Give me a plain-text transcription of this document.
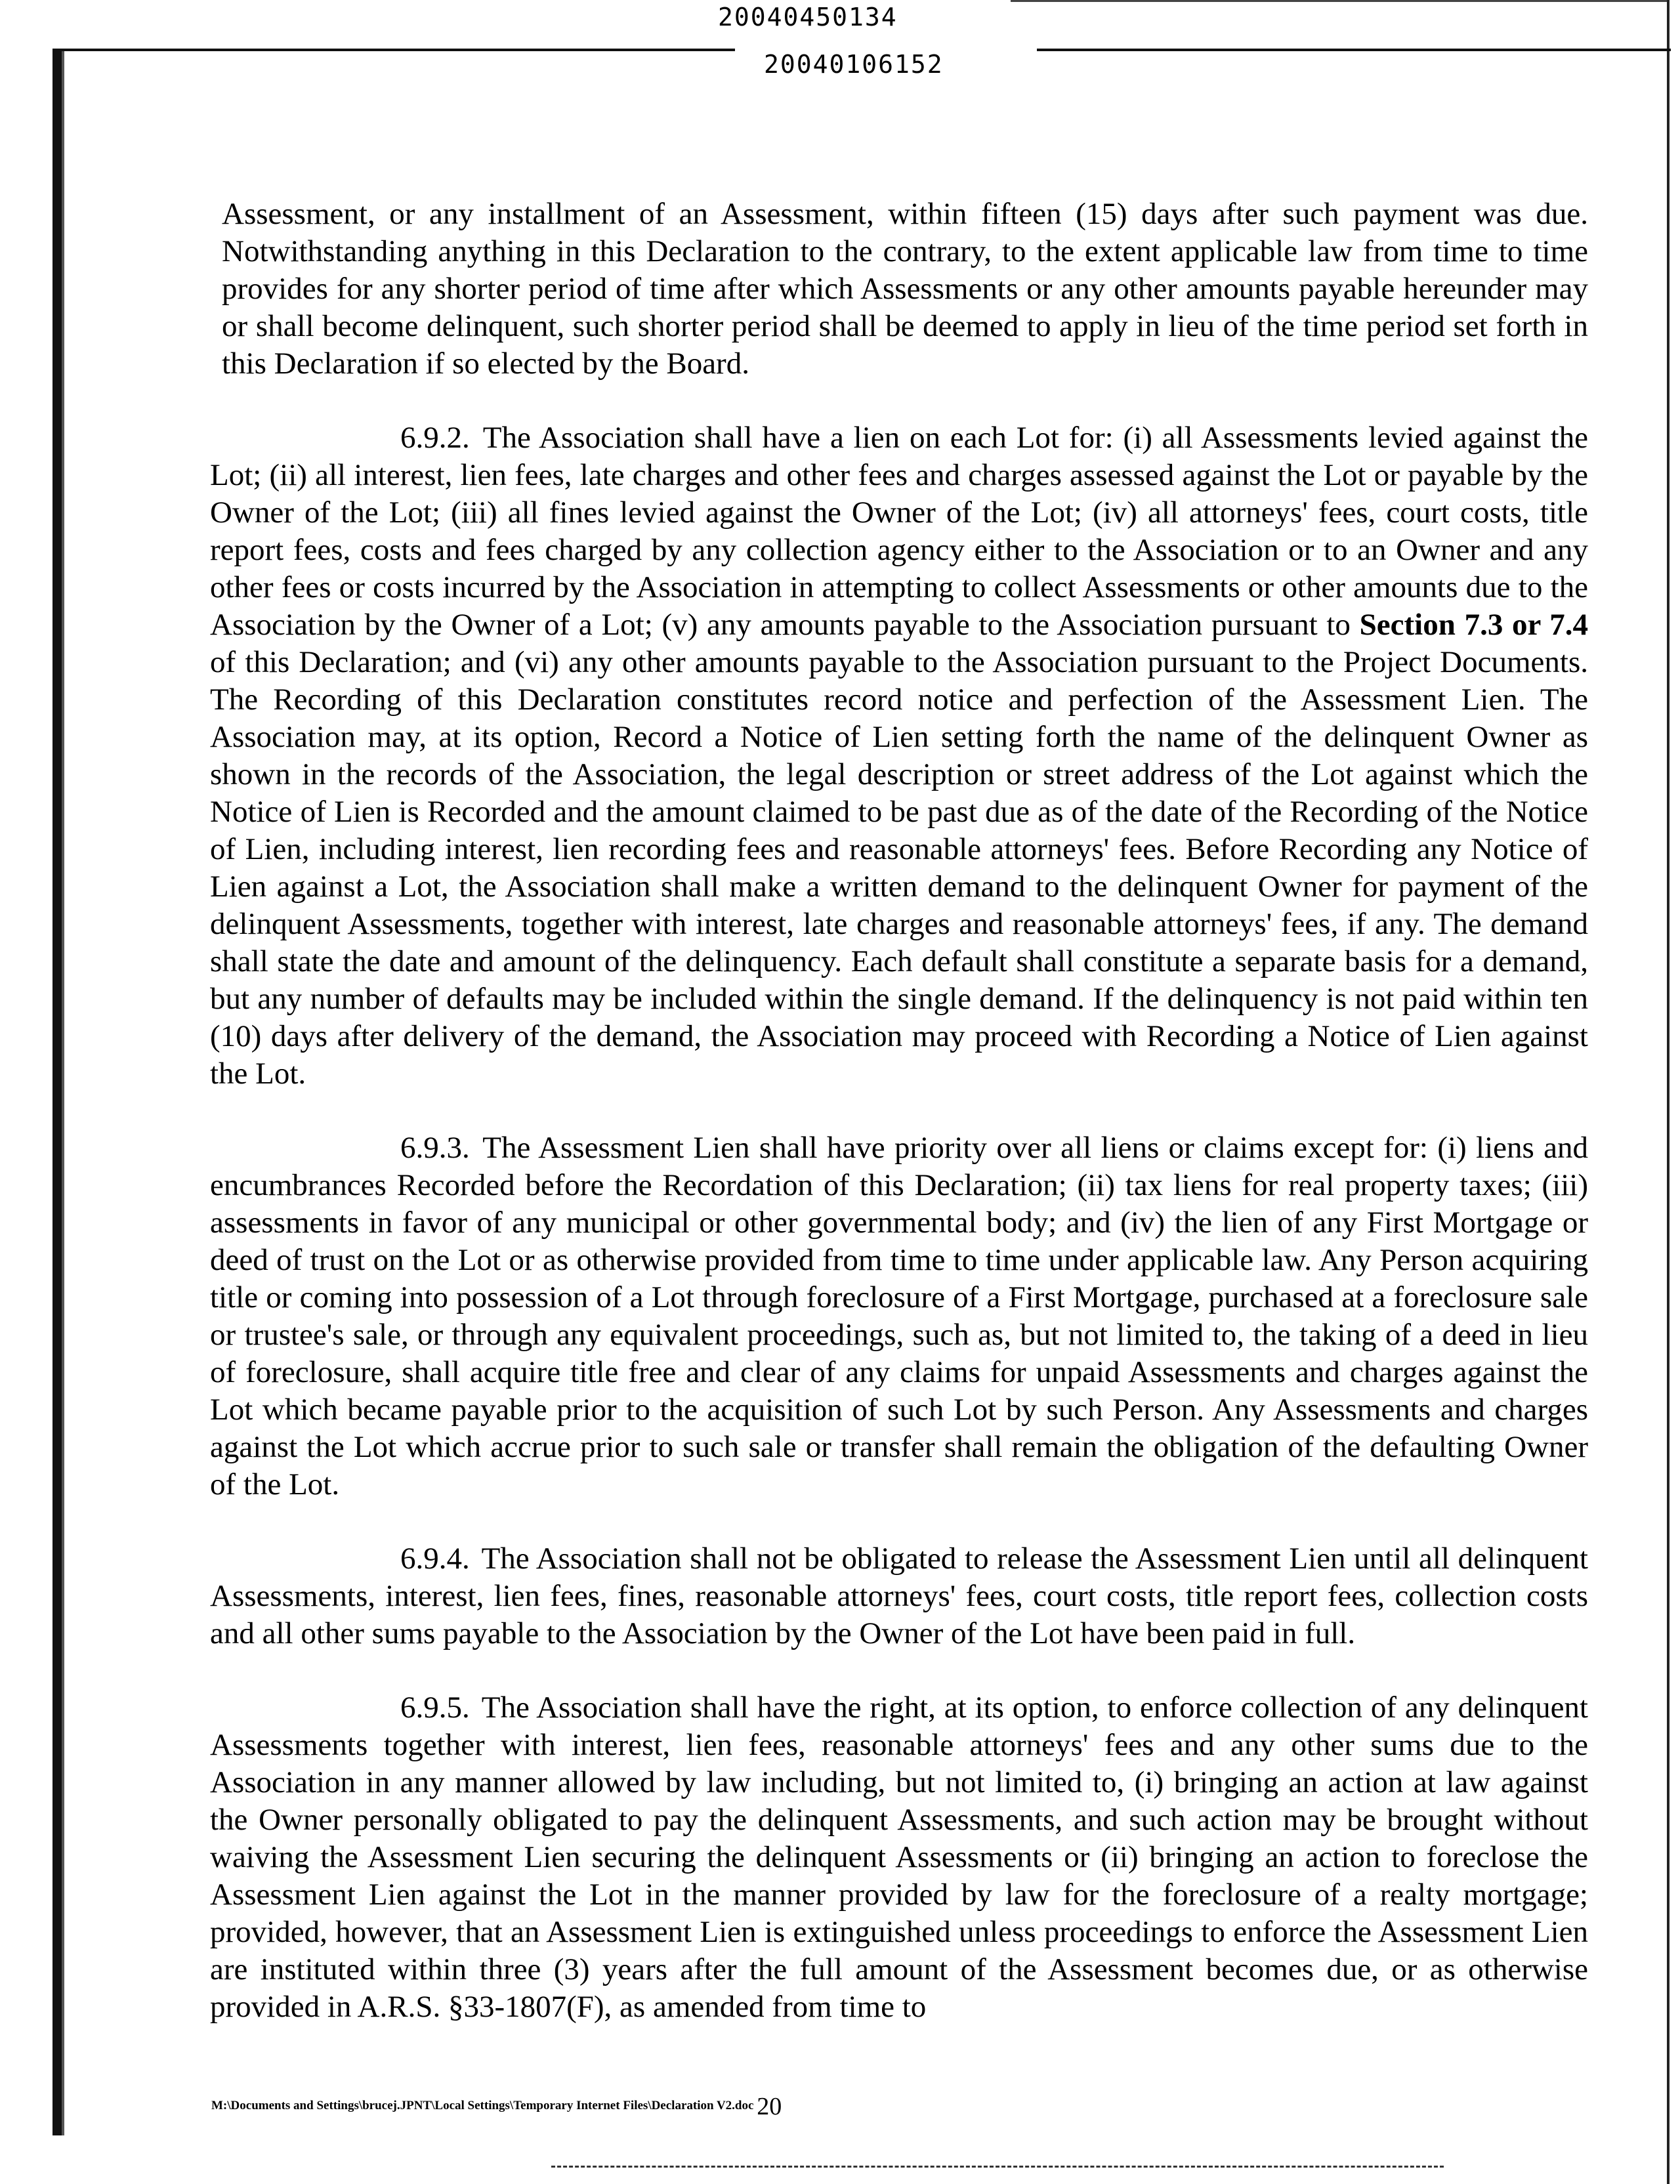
20040450134
20040106152

Assessment, or any installment of an Assessment, within fifteen (15) days after such payment was due. Notwithstanding anything in this Declaration to the contrary, to the extent applicable law from time to time provides for any shorter period of time after which Assessments or any other amounts payable hereunder may or shall become delinquent, such shorter period shall be deemed to apply in lieu of the time period set forth in this Declaration if so elected by the Board.

6.9.2. The Association shall have a lien on each Lot for: (i) all Assessments levied against the Lot; (ii) all interest, lien fees, late charges and other fees and charges assessed against the Lot or payable by the Owner of the Lot; (iii) all fines levied against the Owner of the Lot; (iv) all attorneys' fees, court costs, title report fees, costs and fees charged by any collection agency either to the Association or to an Owner and any other fees or costs incurred by the Association in attempting to collect Assessments or other amounts due to the Association by the Owner of a Lot; (v) any amounts payable to the Association pursuant to Section 7.3 or 7.4 of this Declaration; and (vi) any other amounts payable to the Association pursuant to the Project Documents. The Recording of this Declaration constitutes record notice and perfection of the Assessment Lien. The Association may, at its option, Record a Notice of Lien setting forth the name of the delinquent Owner as shown in the records of the Association, the legal description or street address of the Lot against which the Notice of Lien is Recorded and the amount claimed to be past due as of the date of the Recording of the Notice of Lien, including interest, lien recording fees and reasonable attorneys' fees. Before Recording any Notice of Lien against a Lot, the Association shall make a written demand to the delinquent Owner for payment of the delinquent Assessments, together with interest, late charges and reasonable attorneys' fees, if any. The demand shall state the date and amount of the delinquency. Each default shall constitute a separate basis for a demand, but any number of defaults may be included within the single demand. If the delinquency is not paid within ten (10) days after delivery of the demand, the Association may proceed with Recording a Notice of Lien against the Lot.

6.9.3. The Assessment Lien shall have priority over all liens or claims except for: (i) liens and encumbrances Recorded before the Recordation of this Declaration; (ii) tax liens for real property taxes; (iii) assessments in favor of any municipal or other governmental body; and (iv) the lien of any First Mortgage or deed of trust on the Lot or as otherwise provided from time to time under applicable law. Any Person acquiring title or coming into possession of a Lot through foreclosure of a First Mortgage, purchased at a foreclosure sale or trustee's sale, or through any equivalent proceedings, such as, but not limited to, the taking of a deed in lieu of foreclosure, shall acquire title free and clear of any claims for unpaid Assessments and charges against the Lot which became payable prior to the acquisition of such Lot by such Person. Any Assessments and charges against the Lot which accrue prior to such sale or transfer shall remain the obligation of the defaulting Owner of the Lot.

6.9.4. The Association shall not be obligated to release the Assessment Lien until all delinquent Assessments, interest, lien fees, fines, reasonable attorneys' fees, court costs, title report fees, collection costs and all other sums payable to the Association by the Owner of the Lot have been paid in full.

6.9.5. The Association shall have the right, at its option, to enforce collection of any delinquent Assessments together with interest, lien fees, reasonable attorneys' fees and any other sums due to the Association in any manner allowed by law including, but not limited to, (i) bringing an action at law against the Owner personally obligated to pay the delinquent Assessments, and such action may be brought without waiving the Assessment Lien securing the delinquent Assessments or (ii) bringing an action to foreclose the Assessment Lien against the Lot in the manner provided by law for the foreclosure of a realty mortgage; provided, however, that an Assessment Lien is extinguished unless proceedings to enforce the Assessment Lien are instituted within three (3) years after the full amount of the Assessment becomes due, or as otherwise provided in A.R.S. §33-1807(F), as amended from time to

M:\Documents and Settings\brucej.JPNT\Local Settings\Temporary Internet Files\Declaration V2.doc 20
